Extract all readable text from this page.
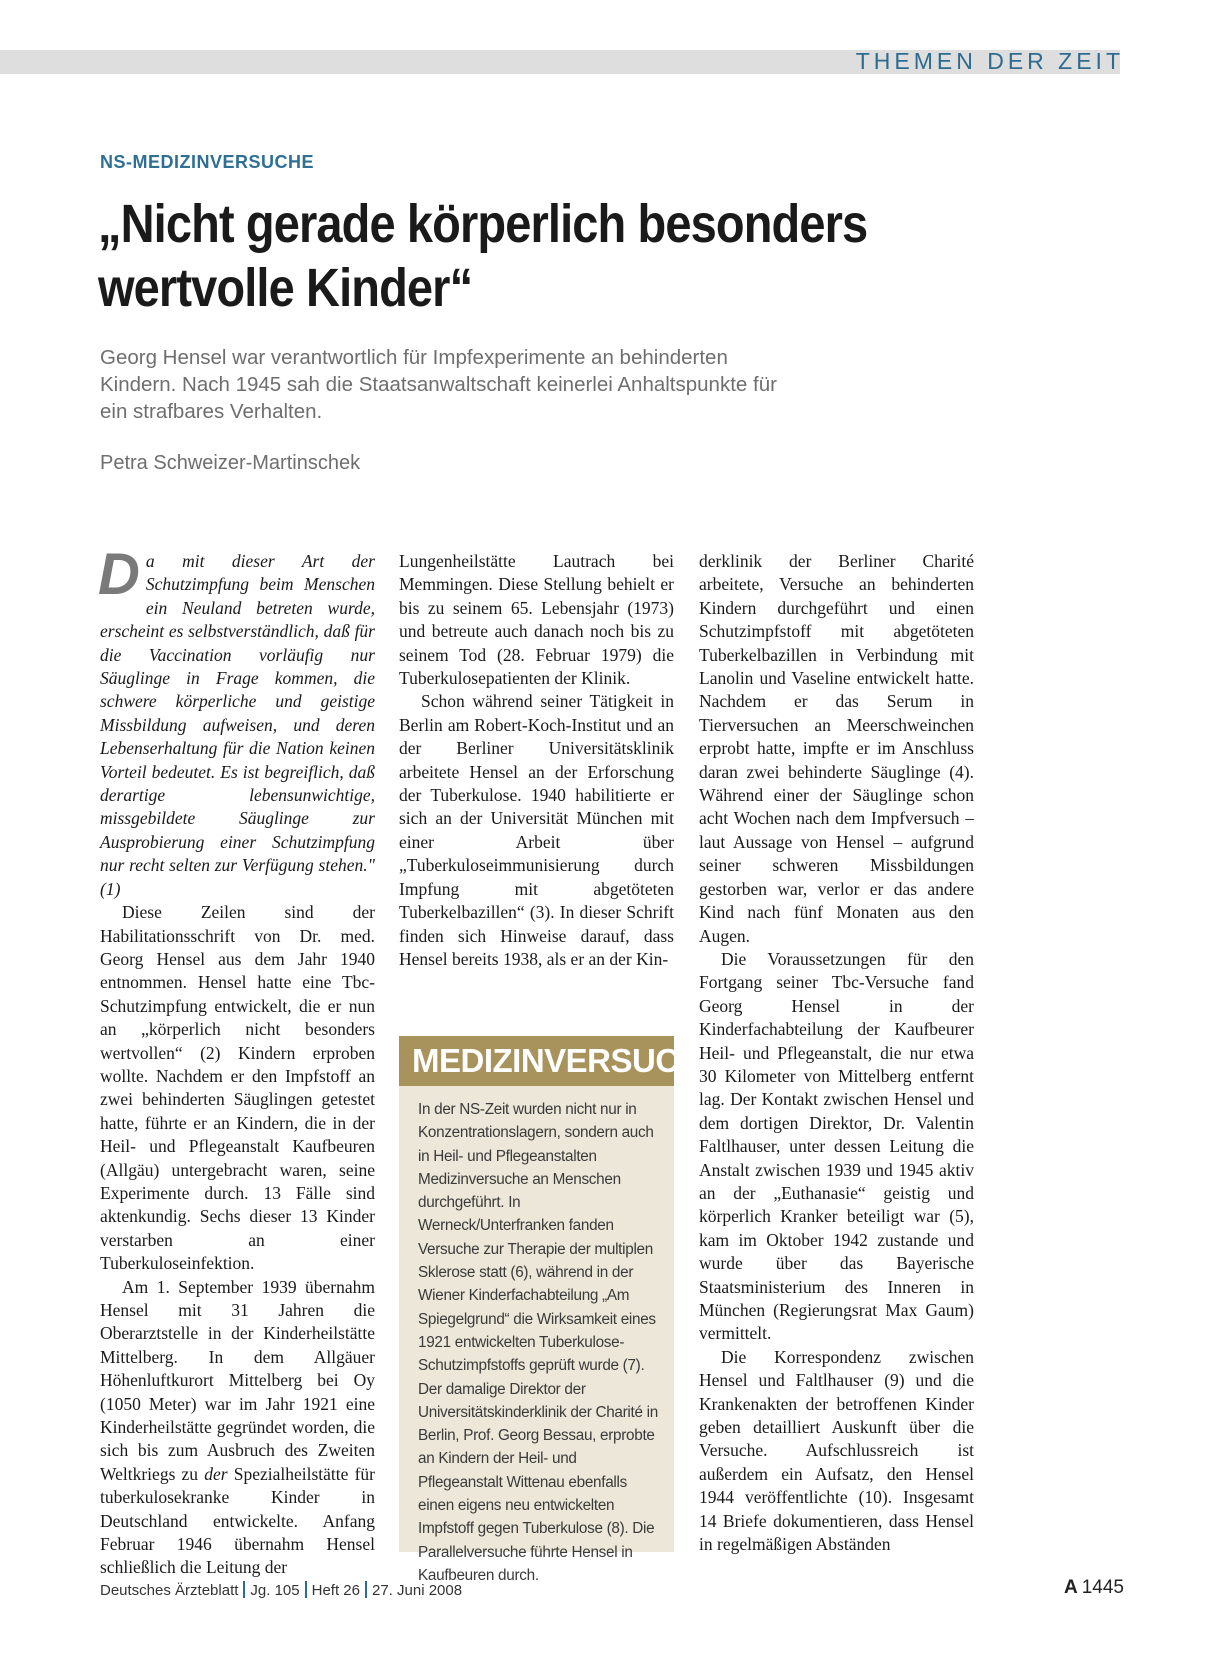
THEMEN DER ZEIT
NS-MEDIZINVERSUCHE
„Nicht gerade körperlich besonders wertvolle Kinder“

Georg Hensel war verantwortlich für Impfexperimente an behinderten Kindern. Nach 1945 sah die Staatsanwaltschaft keinerlei Anhaltspunkte für ein strafbares Verhalten.

Petra Schweizer-Martinschek

Da mit dieser Art der Schutzimpfung beim Menschen ein Neuland betreten wurde, erscheint es selbstverständlich, daß für die Vaccination vorläufig nur Säuglinge in Frage kommen, die schwere körperliche und geistige Missbildung aufweisen, und deren Lebenserhaltung für die Nation keinen Vorteil bedeutet. Es ist begreiflich, daß derartige lebensunwichtige, missgebildete Säuglinge zur Ausprobierung einer Schutzimpfung nur recht selten zur Verfügung stehen." (1)

Diese Zeilen sind der Habilitationsschrift von Dr. med. Georg Hensel aus dem Jahr 1940 entnommen. Hensel hatte eine Tbc-Schutzimpfung entwickelt, die er nun an „körperlich nicht besonders wertvollen“ (2) Kindern erproben wollte. Nachdem er den Impfstoff an zwei behinderten Säuglingen getestet hatte, führte er an Kindern, die in der Heil- und Pflegeanstalt Kaufbeuren (Allgäu) untergebracht waren, seine Experimente durch. 13 Fälle sind aktenkundig. Sechs dieser 13 Kinder verstarben an einer Tuberkuloseinfektion.

Am 1. September 1939 übernahm Hensel mit 31 Jahren die Oberarztstelle in der Kinderheilstätte Mittelberg. In dem Allgäuer Höhenluftkurort Mittelberg bei Oy (1050 Meter) war im Jahr 1921 eine Kinderheilstätte gegründet worden, die sich bis zum Ausbruch des Zweiten Weltkriegs zu der Spezialheilstätte für tuberkulosekranke Kinder in Deutschland entwickelte. Anfang Februar 1946 übernahm Hensel schließlich die Leitung der

Lungenheilstätte Lautrach bei Memmingen. Diese Stellung behielt er bis zu seinem 65. Lebensjahr (1973) und betreute auch danach noch bis zu seinem Tod (28. Februar 1979) die Tuberkulosepatienten der Klinik.

Schon während seiner Tätigkeit in Berlin am Robert-Koch-Institut und an der Berliner Universitätsklinik arbeitete Hensel an der Erforschung der Tuberkulose. 1940 habilitierte er sich an der Universität München mit einer Arbeit über „Tuberkuloseimmunisierung durch Impfung mit abgetöteten Tuberkelbazillen“ (3). In dieser Schrift finden sich Hinweise darauf, dass Hensel bereits 1938, als er an der Kin-

MEDIZINVERSUCHE

In der NS-Zeit wurden nicht nur in Konzentrationslagern, sondern auch in Heil- und Pflegeanstalten Medizinversuche an Menschen durchgeführt. In Werneck/Unterfranken fanden Versuche zur Therapie der multiplen Sklerose statt (6), während in der Wiener Kinderfachabteilung „Am Spiegelgrund“ die Wirksamkeit eines 1921 entwickelten Tuberkulose-Schutzimpfstoffs geprüft wurde (7). Der damalige Direktor der Universitätskinderklinik der Charité in Berlin, Prof. Georg Bessau, erprobte an Kindern der Heil- und Pflegeanstalt Wittenau ebenfalls einen eigens neu entwickelten Impfstoff gegen Tuberkulose (8). Die Parallelversuche führte Hensel in Kaufbeuren durch.

derklinik der Berliner Charité arbeitete, Versuche an behinderten Kindern durchgeführt und einen Schutzimpfstoff mit abgetöteten Tuberkelbazillen in Verbindung mit Lanolin und Vaseline entwickelt hatte. Nachdem er das Serum in Tierversuchen an Meerschweinchen erprobt hatte, impfte er im Anschluss daran zwei behinderte Säuglinge (4). Während einer der Säuglinge schon acht Wochen nach dem Impfversuch – laut Aussage von Hensel – aufgrund seiner schweren Missbildungen gestorben war, verlor er das andere Kind nach fünf Monaten aus den Augen.

Die Voraussetzungen für den Fortgang seiner Tbc-Versuche fand Georg Hensel in der Kinderfachabteilung der Kaufbeurer Heil- und Pflegeanstalt, die nur etwa 30 Kilometer von Mittelberg entfernt lag. Der Kontakt zwischen Hensel und dem dortigen Direktor, Dr. Valentin Faltlhauser, unter dessen Leitung die Anstalt zwischen 1939 und 1945 aktiv an der „Euthanasie“ geistig und körperlich Kranker beteiligt war (5), kam im Oktober 1942 zustande und wurde über das Bayerische Staatsministerium des Inneren in München (Regierungsrat Max Gaum) vermittelt.

Die Korrespondenz zwischen Hensel und Faltlhauser (9) und die Krankenakten der betroffenen Kinder geben detailliert Auskunft über die Versuche. Aufschlussreich ist außerdem ein Aufsatz, den Hensel 1944 veröffentlichte (10). Insgesamt 14 Briefe dokumentieren, dass Hensel in regelmäßigen Abständen

Deutsches Ärzteblatt Jg. 105 Heft 26 27. Juni 2008	A 1445
